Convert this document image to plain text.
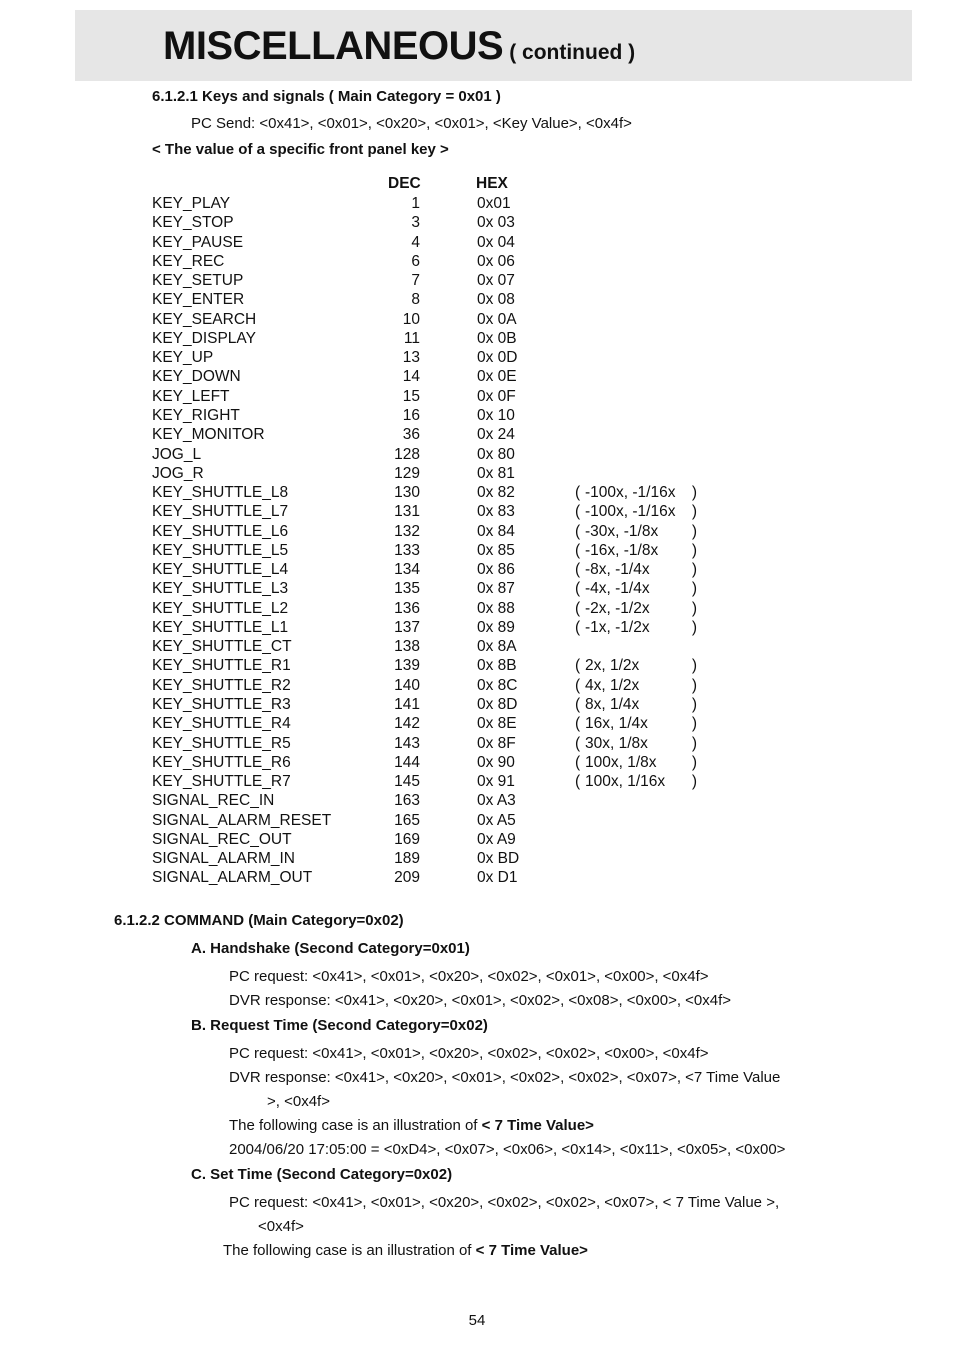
MISCELLANEOUS ( continued )
6.1.2.1 Keys and signals ( Main Category = 0x01 )
PC Send: <0x41>, <0x01>, <0x20>, <0x01>, <Key Value>, <0x4f>
< The value of a specific front panel key >
DEC	HEX
KEY_PLAY	1	0x01
KEY_STOP	3	0x 03
KEY_PAUSE	4	0x 04
KEY_REC	6	0x 06
KEY_SETUP	7	0x 07
KEY_ENTER	8	0x 08
KEY_SEARCH	10	0x 0A
KEY_DISPLAY	11	0x 0B
KEY_UP	13	0x 0D
KEY_DOWN	14	0x 0E
KEY_LEFT	15	0x 0F
KEY_RIGHT	16	0x 10
KEY_MONITOR	36	0x 24
JOG_L	128	0x 80
JOG_R	129	0x 81
KEY_SHUTTLE_L8	130	0x 82	( -100x, -1/16x )
KEY_SHUTTLE_L7	131	0x 83	( -100x, -1/16x )
KEY_SHUTTLE_L6	132	0x 84	( -30x, -1/8x )
KEY_SHUTTLE_L5	133	0x 85	( -16x, -1/8x )
KEY_SHUTTLE_L4	134	0x 86	( -8x, -1/4x	)
KEY_SHUTTLE_L3	135	0x 87	( -4x, -1/4x	)
KEY_SHUTTLE_L2	136	0x 88	( -2x, -1/2x	)
KEY_SHUTTLE_L1	137	0x 89	( -1x, -1/2x	)
KEY_SHUTTLE_CT	138	0x 8A
KEY_SHUTTLE_R1	139	0x 8B	( 2x, 1/2x	)
KEY_SHUTTLE_R2	140	0x 8C	( 4x, 1/2x	)
KEY_SHUTTLE_R3	141	0x 8D	( 8x, 1/4x	)
KEY_SHUTTLE_R4	142	0x 8E	( 16x, 1/4x	)
KEY_SHUTTLE_R5	143	0x 8F	( 30x, 1/8x	)
KEY_SHUTTLE_R6	144	0x 90	( 100x, 1/8x )
KEY_SHUTTLE_R7	145	0x 91	( 100x, 1/16x )
SIGNAL_REC_IN	163	0x A3
SIGNAL_ALARM_RESET	165	0x A5
SIGNAL_REC_OUT	169	0x A9
SIGNAL_ALARM_IN	189	0x BD
SIGNAL_ALARM_OUT	209	0x D1
6.1.2.2 COMMAND (Main Category=0x02)
A. Handshake (Second Category=0x01)
PC request: <0x41>, <0x01>, <0x20>, <0x02>, <0x01>, <0x00>, <0x4f>
DVR response: <0x41>, <0x20>, <0x01>, <0x02>, <0x08>, <0x00>, <0x4f>
B. Request Time (Second Category=0x02)
PC request: <0x41>, <0x01>, <0x20>, <0x02>, <0x02>, <0x00>, <0x4f>
DVR response: <0x41>, <0x20>, <0x01>, <0x02>, <0x02>, <0x07>, <7 Time Value
>, <0x4f>
The following case is an illustration of < 7 Time Value>
2004/06/20 17:05:00 = <0xD4>, <0x07>, <0x06>, <0x14>, <0x11>, <0x05>, <0x00>
C. Set Time (Second Category=0x02)
PC request: <0x41>, <0x01>, <0x20>, <0x02>, <0x02>, <0x07>, < 7 Time Value >,
<0x4f>
The following case is an illustration of < 7 Time Value>
54
